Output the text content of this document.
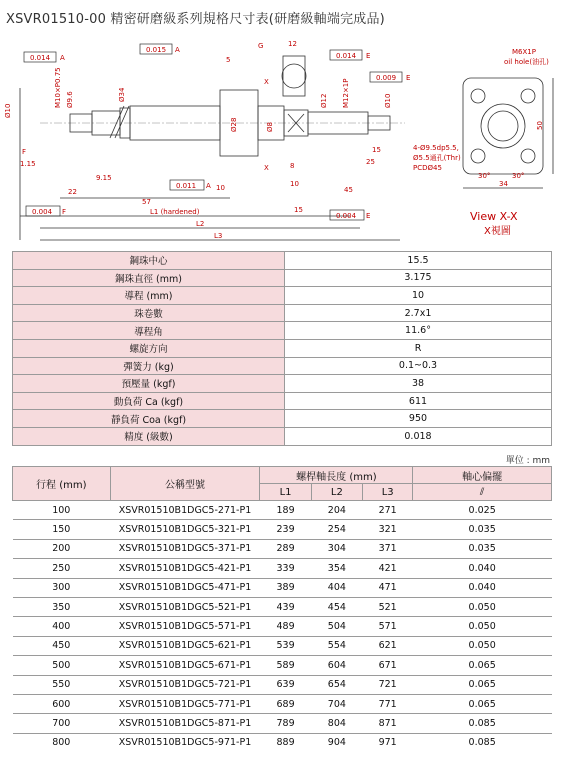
XSVR01510-00 精密研磨級系列規格尺寸表(研磨級軸端完成品)
0.015 A
0.014 A	0.014 E
0.009 E
0.011 A
0.004 F	0.004 E
G
F
Ø10
M10×P0.75 Ø9.6	Ø34
Ø28	Ø8
Ø12 M12×1P	Ø10
5
12
1.15
9.15
22
57
10
8
10
15
25
45
15
L1 (hardened)
L2
L3
X
X
M6X1P
oil hole(油孔)
50
34
30°	30°
4-Ø9.5dp5.5,
Ø5.5通孔(Thr)
PCDØ45
View X-X
X視圖
鋼珠中心	15.5
鋼珠直徑 (mm)	3.175
導程 (mm)	10
珠卷數	2.7x1
導程角	11.6°
螺旋方向	R
彈簧力 (kg)	0.1~0.3
預壓量 (kgf)	38
動負荷 Ca (kgf)	611
靜負荷 Coa (kgf)	950
精度 (級數)	0.018
單位 : mm
行程 (mm)	公稱型號	螺桿軸長度 (mm)			軸心偏擺
		L1	L2	L3	⫽
100	XSVR01510B1DGC5-271-P1	189	204	271	0.025
150	XSVR01510B1DGC5-321-P1	239	254	321	0.035
200	XSVR01510B1DGC5-371-P1	289	304	371	0.035
250	XSVR01510B1DGC5-421-P1	339	354	421	0.040
300	XSVR01510B1DGC5-471-P1	389	404	471	0.040
350	XSVR01510B1DGC5-521-P1	439	454	521	0.050
400	XSVR01510B1DGC5-571-P1	489	504	571	0.050
450	XSVR01510B1DGC5-621-P1	539	554	621	0.050
500	XSVR01510B1DGC5-671-P1	589	604	671	0.065
550	XSVR01510B1DGC5-721-P1	639	654	721	0.065
600	XSVR01510B1DGC5-771-P1	689	704	771	0.065
700	XSVR01510B1DGC5-871-P1	789	804	871	0.085
800	XSVR01510B1DGC5-971-P1	889	904	971	0.085
